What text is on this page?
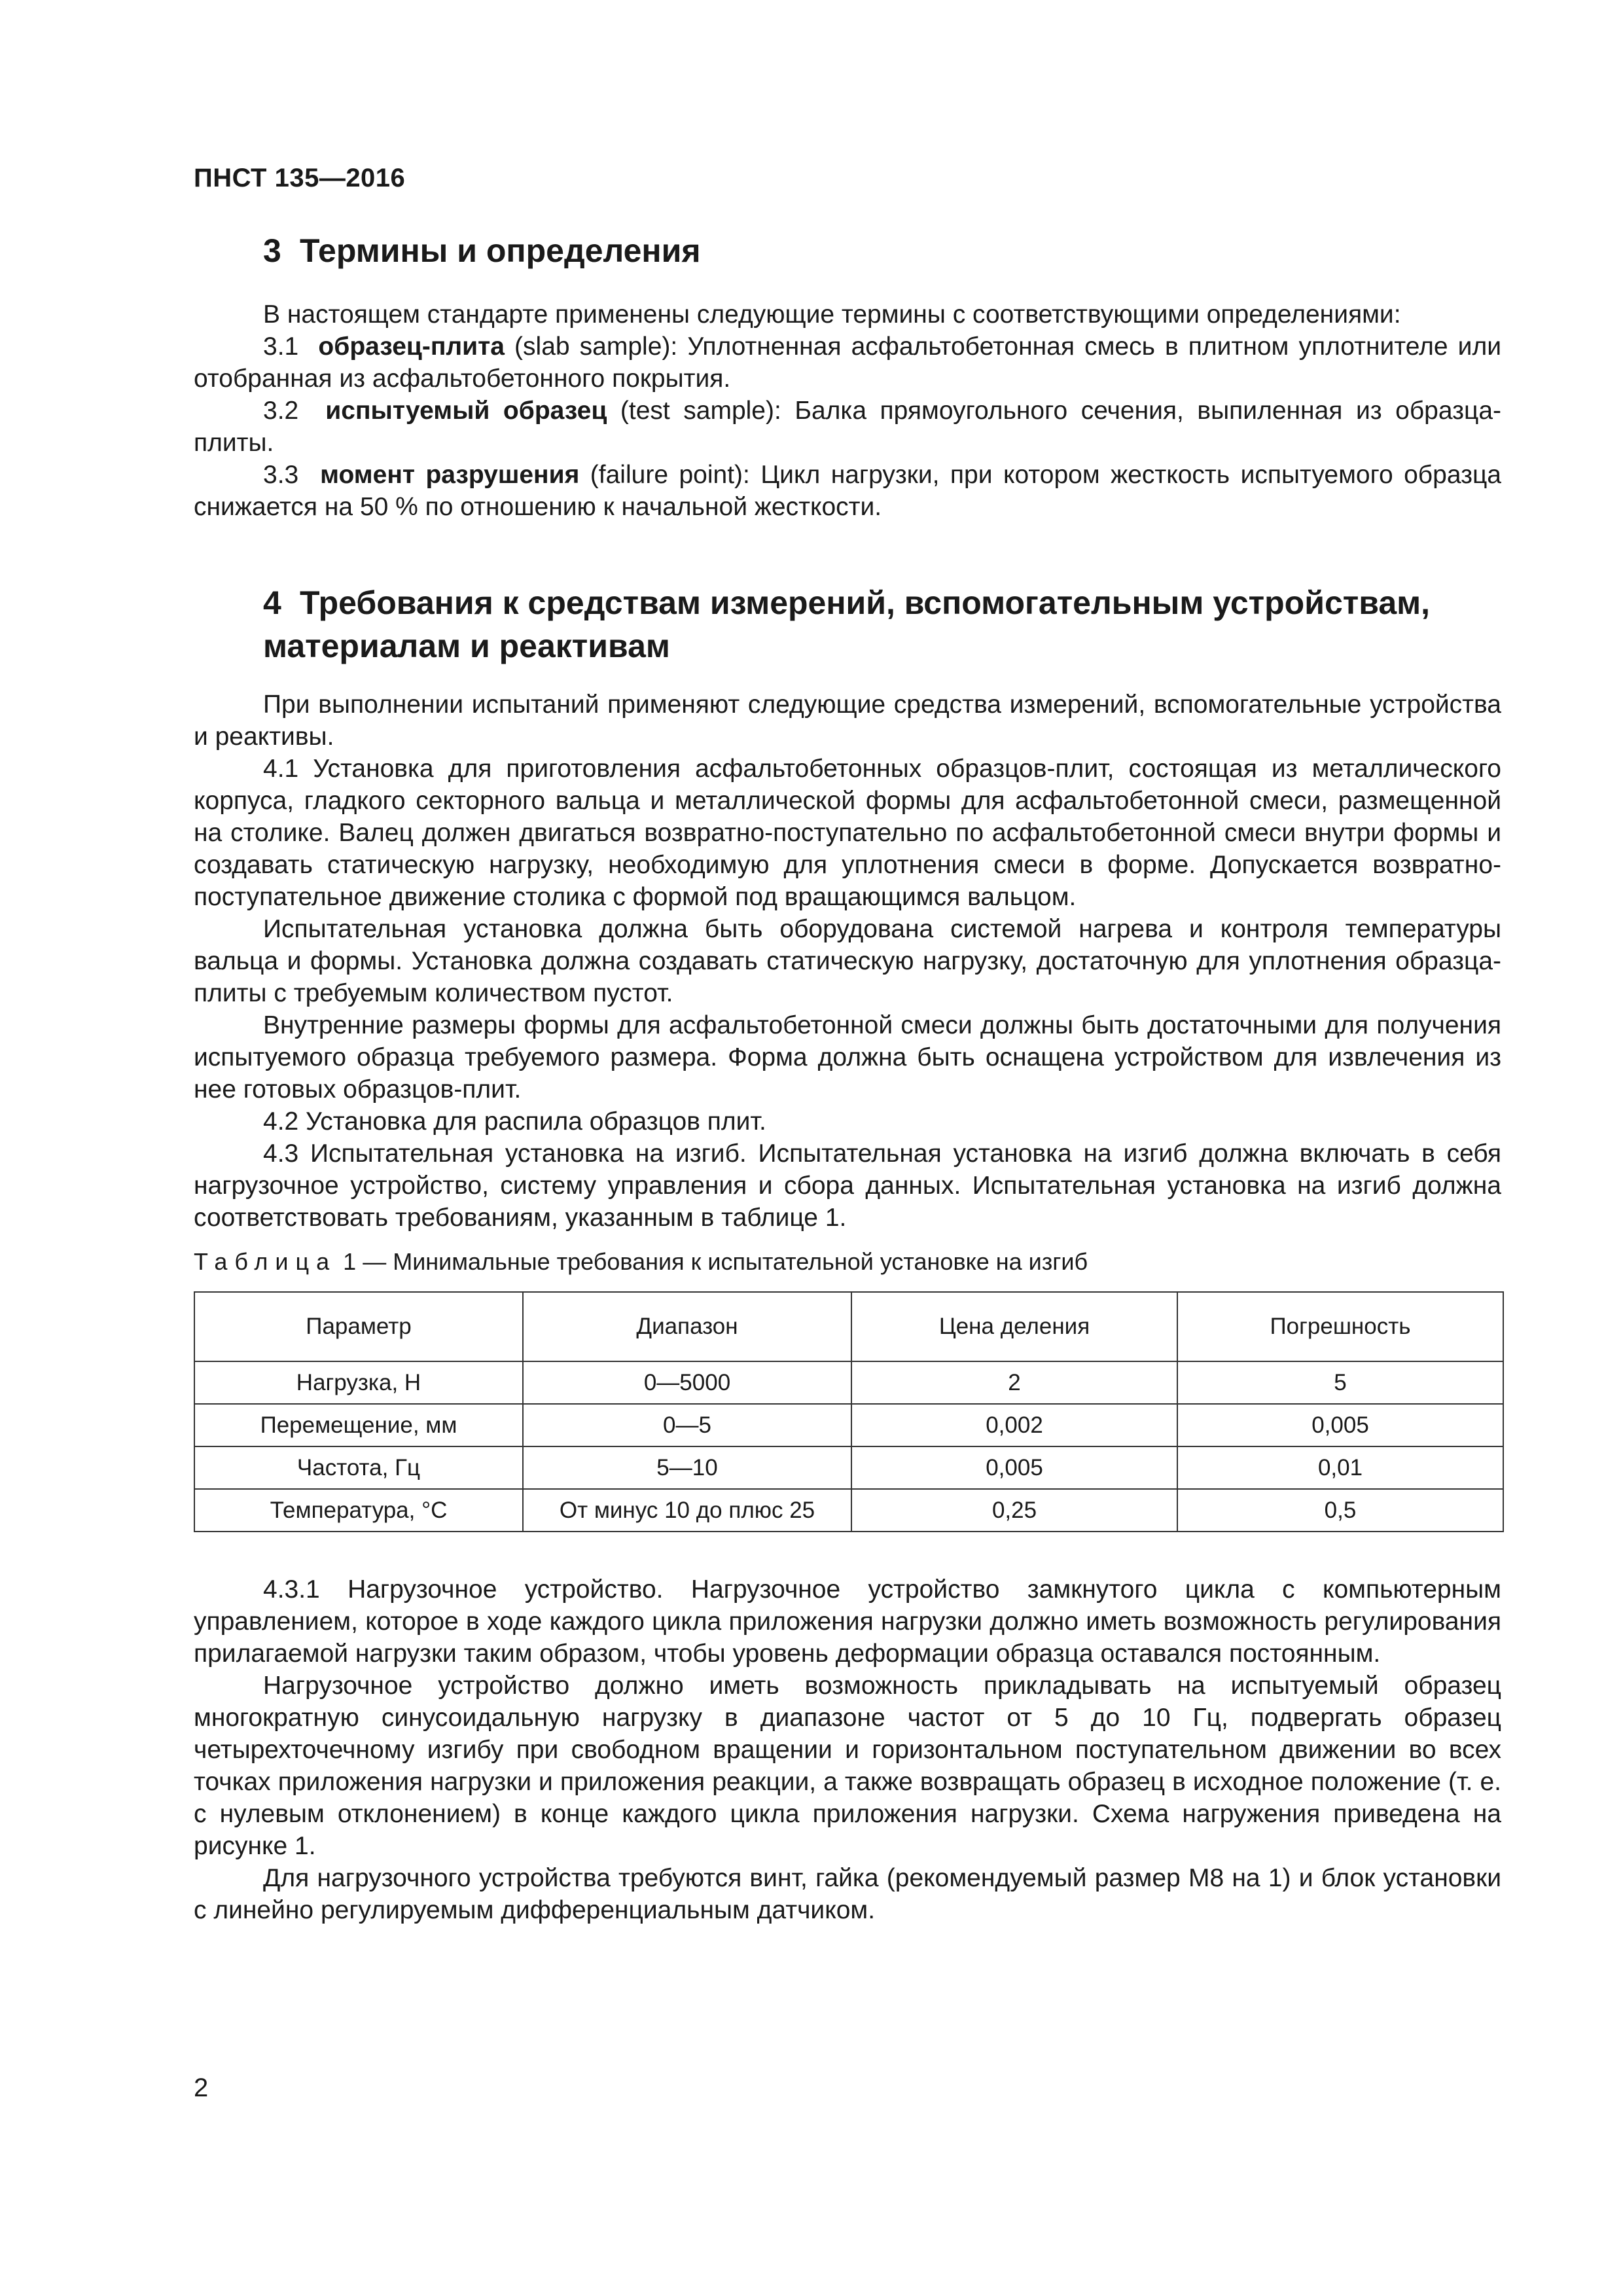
ПНСТ 135—2016
3 Термины и определения

В настоящем стандарте применены следующие термины с соответствующими определениями:

3.1 образец-плита (slab sample): Уплотненная асфальтобетонная смесь в плитном уплотнителе или отобранная из асфальтобетонного покрытия.

3.2 испытуемый образец (test sample): Балка прямоугольного сечения, выпиленная из образца-плиты.

3.3 момент разрушения (failure point): Цикл нагрузки, при котором жесткость испытуемого образца снижается на 50 % по отношению к начальной жесткости.

4 Требования к средствам измерений, вспомогательным устройствам,
материалам и реактивам

При выполнении испытаний применяют следующие средства измерений, вспомогательные устройства и реактивы.

4.1 Установка для приготовления асфальтобетонных образцов-плит, состоящая из металлического корпуса, гладкого секторного вальца и металлической формы для асфальтобетонной смеси, размещенной на столике. Валец должен двигаться возвратно-поступательно по асфальтобетонной смеси внутри формы и создавать статическую нагрузку, необходимую для уплотнения смеси в форме. Допускается возвратно-поступательное движение столика с формой под вращающимся вальцом.

Испытательная установка должна быть оборудована системой нагрева и контроля температуры вальца и формы. Установка должна создавать статическую нагрузку, достаточную для уплотнения образца-плиты с требуемым количеством пустот.

Внутренние размеры формы для асфальтобетонной смеси должны быть достаточными для получения испытуемого образца требуемого размера. Форма должна быть оснащена устройством для извлечения из нее готовых образцов-плит.

4.2 Установка для распила образцов плит.

4.3 Испытательная установка на изгиб. Испытательная установка на изгиб должна включать в себя нагрузочное устройство, систему управления и сбора данных. Испытательная установка на изгиб должна соответствовать требованиям, указанным в таблице 1.

Таблица 1 — Минимальные требования к испытательной установке на изгиб
Параметр	Диапазон	Цена деления	Погрешность
Нагрузка, Н	0—5000	2	5
Перемещение, мм	0—5	0,002	0,005
Частота, Гц	5—10	0,005	0,01
Температура, °С	От минус 10 до плюс 25	0,25	0,5

4.3.1 Нагрузочное устройство. Нагрузочное устройство замкнутого цикла с компьютерным управлением, которое в ходе каждого цикла приложения нагрузки должно иметь возможность регулирования прилагаемой нагрузки таким образом, чтобы уровень деформации образца оставался постоянным.

Нагрузочное устройство должно иметь возможность прикладывать на испытуемый образец многократную синусоидальную нагрузку в диапазоне частот от 5 до 10 Гц, подвергать образец четырехточечному изгибу при свободном вращении и горизонтальном поступательном движении во всех точках приложения нагрузки и приложения реакции, а также возвращать образец в исходное положение (т. е. с нулевым отклонением) в конце каждого цикла приложения нагрузки. Схема нагружения приведена на рисунке 1.

Для нагрузочного устройства требуются винт, гайка (рекомендуемый размер М8 на 1) и блок установки с линейно регулируемым дифференциальным датчиком.

2
